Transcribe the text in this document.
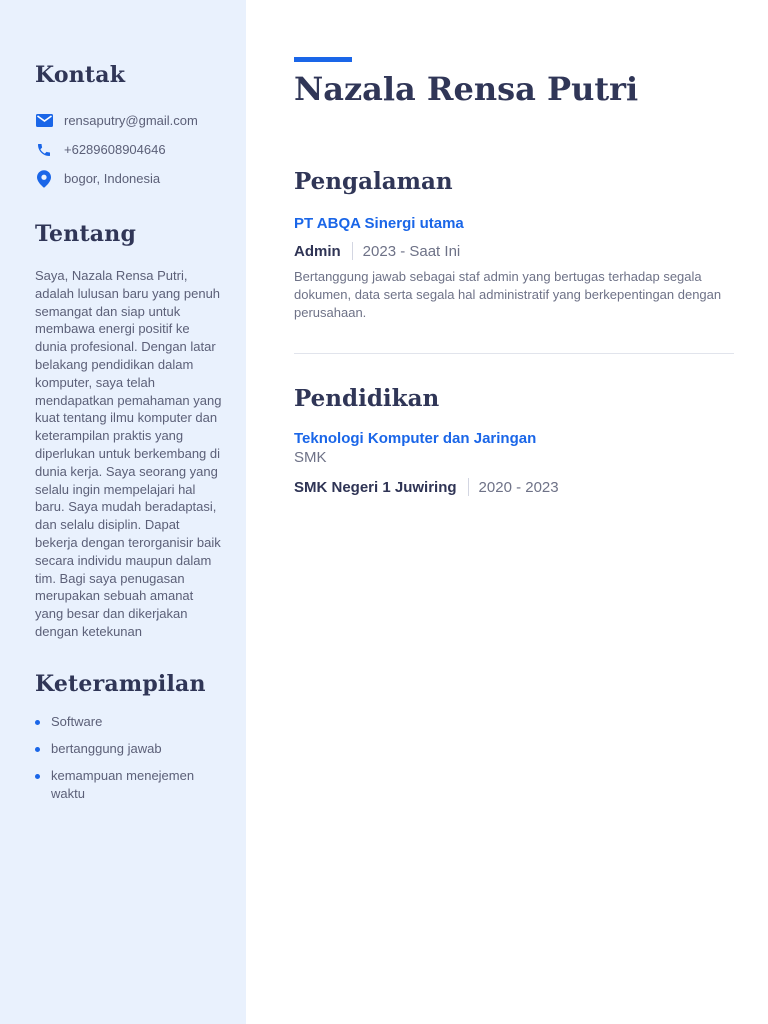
Kontak
rensaputry@gmail.com
+6289608904646
bogor, Indonesia
Tentang

Saya, Nazala Rensa Putri, adalah lulusan baru yang penuh semangat dan siap untuk membawa energi positif ke dunia profesional. Dengan latar belakang pendidikan dalam komputer, saya telah mendapatkan pemahaman yang kuat tentang ilmu komputer dan keterampilan praktis yang diperlukan untuk berkembang di dunia kerja. Saya seorang yang selalu ingin mempelajari hal baru. Saya mudah beradaptasi, dan selalu disiplin. Dapat bekerja dengan terorganisir baik secara individu maupun dalam tim. Bagi saya penugasan merupakan sebuah amanat yang besar dan dikerjakan dengan ketekunan

Keterampilan
Software
bertanggung jawab
kemampuan menejemen waktu
Nazala Rensa Putri
Pengalaman
PT ABQA Sinergi utama
Admin 2023 - Saat Ini

Bertanggung jawab sebagai staf admin yang bertugas terhadap segala dokumen, data serta segala hal administratif yang berkepentingan dengan perusahaan.

Pendidikan
Teknologi Komputer dan Jaringan
SMK
SMK Negeri 1 Juwiring 2020 - 2023
